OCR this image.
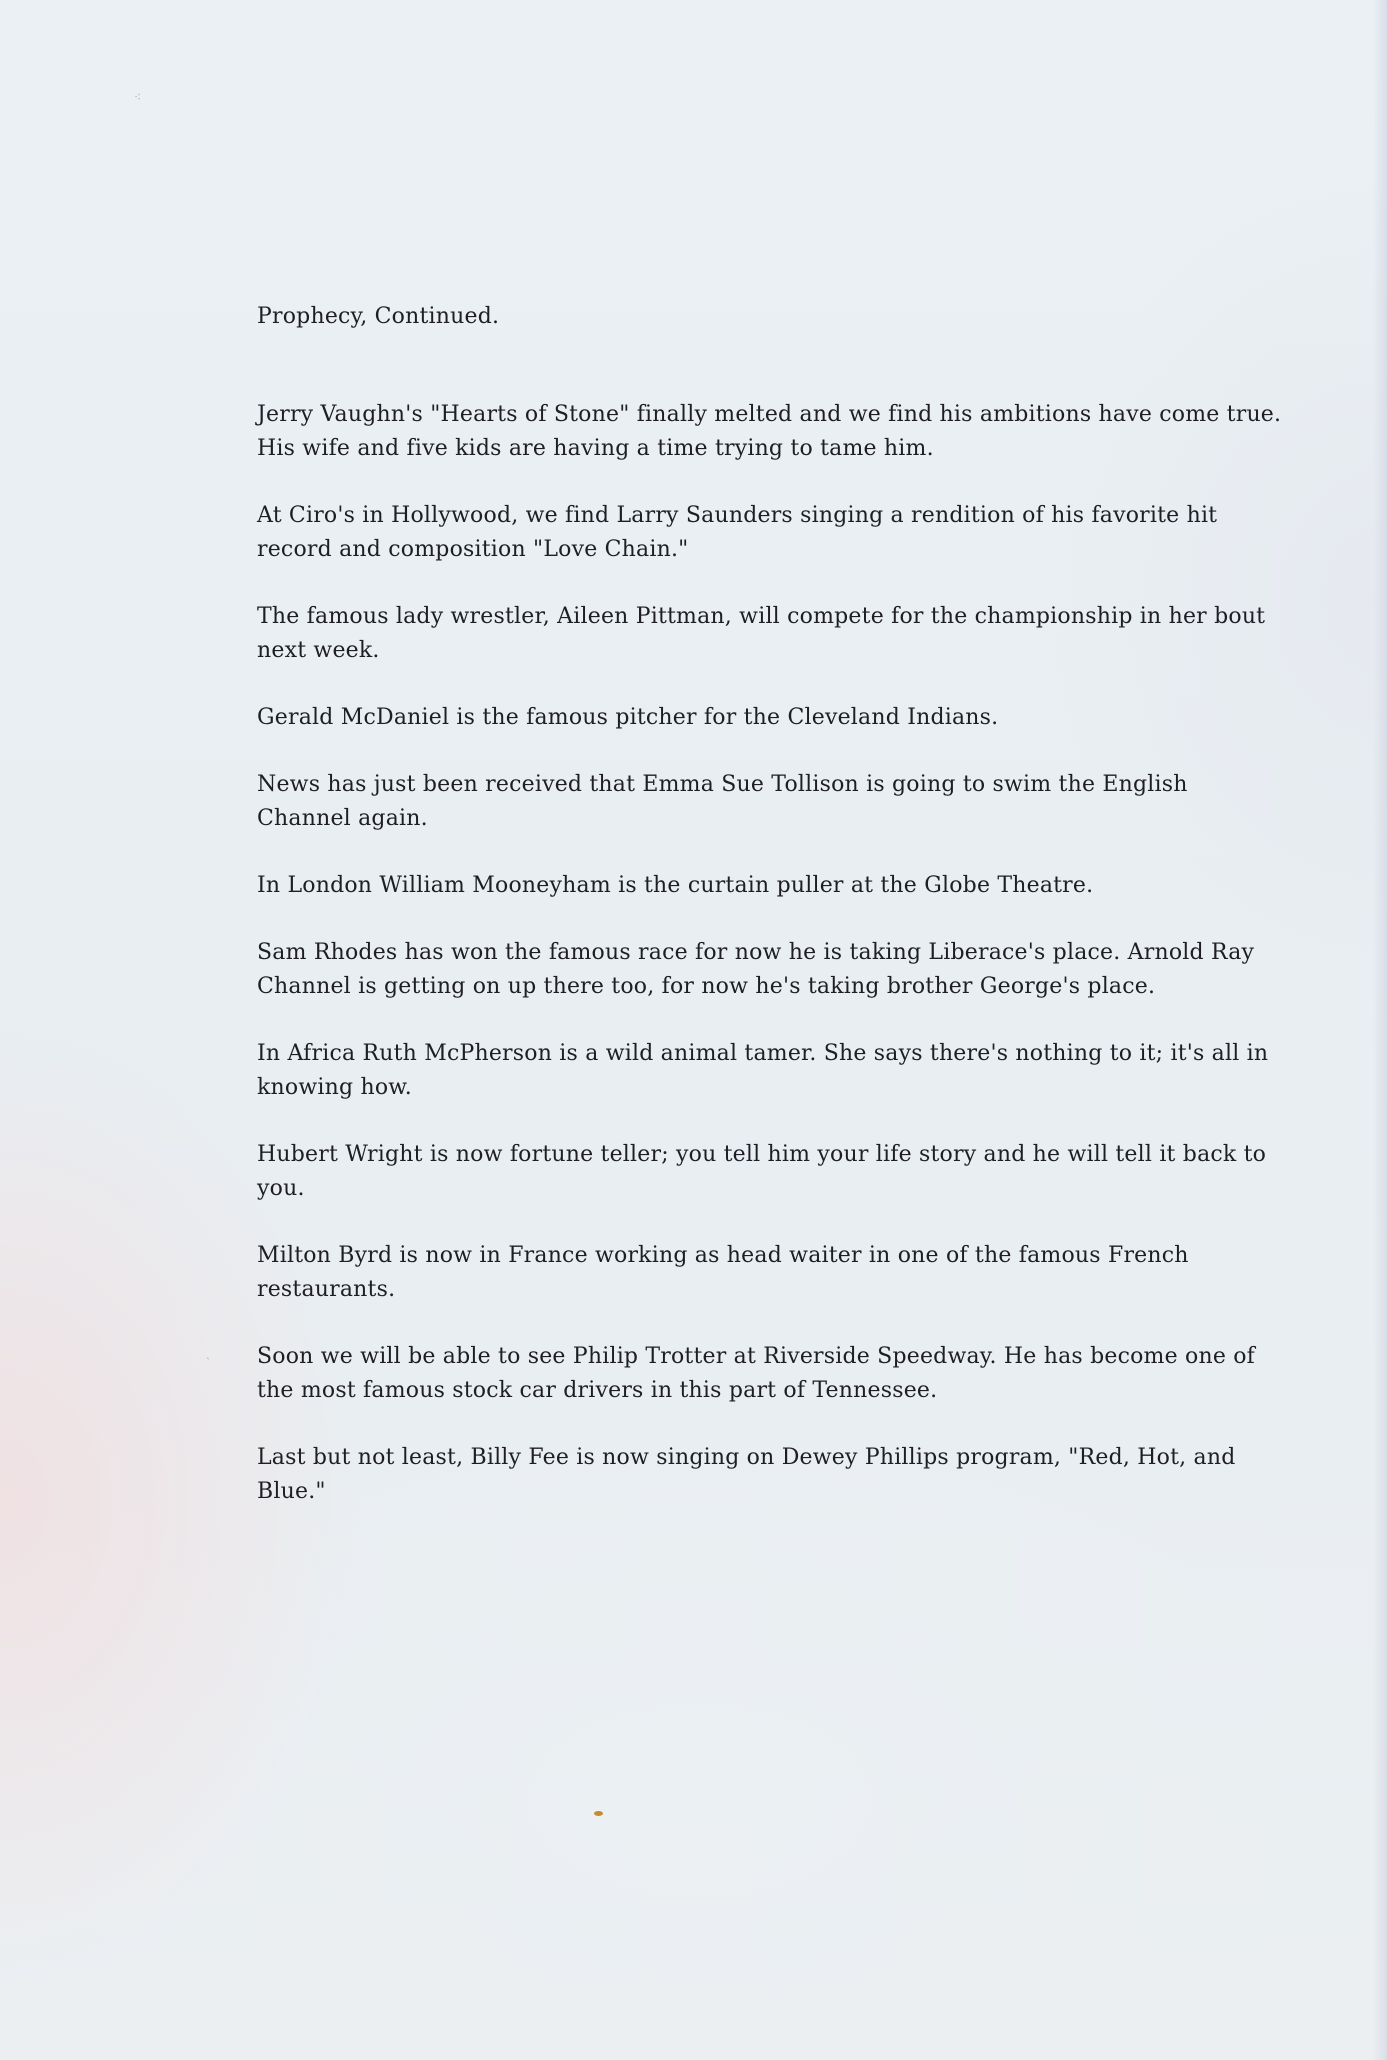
Prophecy, Continued.

Jerry Vaughn's "Hearts of Stone" finally melted and we find his ambitions have come true. His wife and five kids are having a time trying to tame him.

At Ciro's in Hollywood, we find Larry Saunders singing a rendition of his favorite hit record and composition "Love Chain."

The famous lady wrestler, Aileen Pittman, will compete for the championship in her bout next week.

Gerald McDaniel is the famous pitcher for the Cleveland Indians.

News has just been received that Emma Sue Tollison is going to swim the English Channel again.

In London William Mooneyham is the curtain puller at the Globe Theatre.

Sam Rhodes has won the famous race for now he is taking Liberace's place. Arnold Ray Channel is getting on up there too, for now he's taking brother George's place.

In Africa Ruth McPherson is a wild animal tamer. She says there's nothing to it; it's all in knowing how.

Hubert Wright is now fortune teller; you tell him your life story and he will tell it back to you.

Milton Byrd is now in France working as head waiter in one of the famous French restaurants.

Soon we will be able to see Philip Trotter at Riverside Speedway. He has become one of the most famous stock car drivers in this part of Tennessee.

Last but not least, Billy Fee is now singing on Dewey Phillips program, "Red, Hot, and Blue."

⁖
ˎ
